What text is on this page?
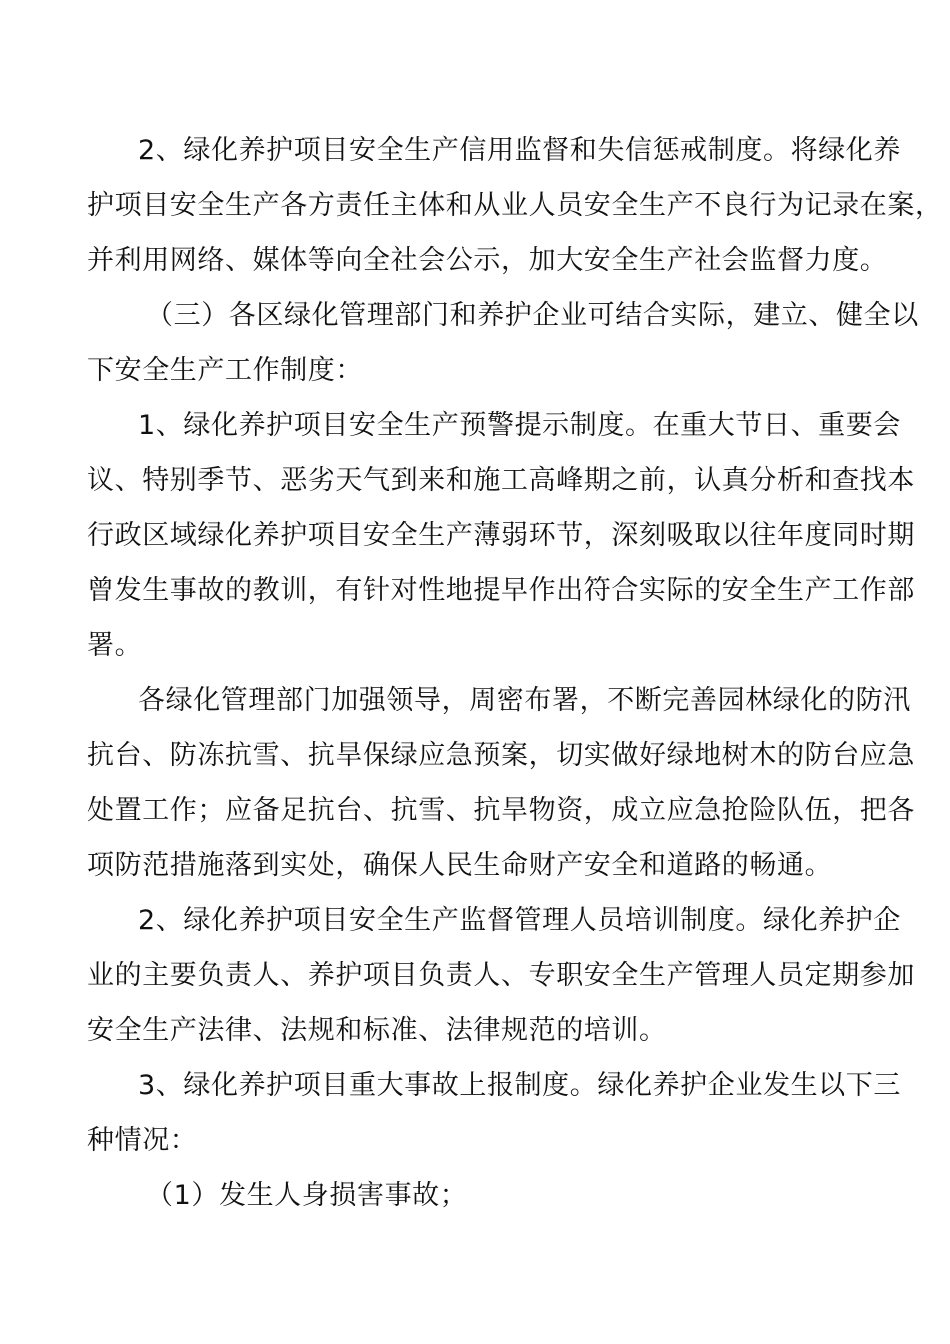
2、绿化养护项目安全生产信用监督和失信惩戒制度。将绿化养
护项目安全生产各方责任主体和从业人员安全生产不良行为记录在案，
并利用网络、媒体等向全社会公示，加大安全生产社会监督力度。
（三）各区绿化管理部门和养护企业可结合实际，建立、健全以
下安全生产工作制度：
1、绿化养护项目安全生产预警提示制度。在重大节日、重要会
议、特别季节、恶劣天气到来和施工高峰期之前，认真分析和查找本
行政区域绿化养护项目安全生产薄弱环节，深刻吸取以往年度同时期
曾发生事故的教训，有针对性地提早作出符合实际的安全生产工作部
署。
各绿化管理部门加强领导，周密布署，不断完善园林绿化的防汛
抗台、防冻抗雪、抗旱保绿应急预案，切实做好绿地树木的防台应急
处置工作；应备足抗台、抗雪、抗旱物资，成立应急抢险队伍，把各
项防范措施落到实处，确保人民生命财产安全和道路的畅通。
2、绿化养护项目安全生产监督管理人员培训制度。绿化养护企
业的主要负责人、养护项目负责人、专职安全生产管理人员定期参加
安全生产法律、法规和标准、法律规范的培训。
3、绿化养护项目重大事故上报制度。绿化养护企业发生以下三
种情况：
（1）发生人身损害事故；
